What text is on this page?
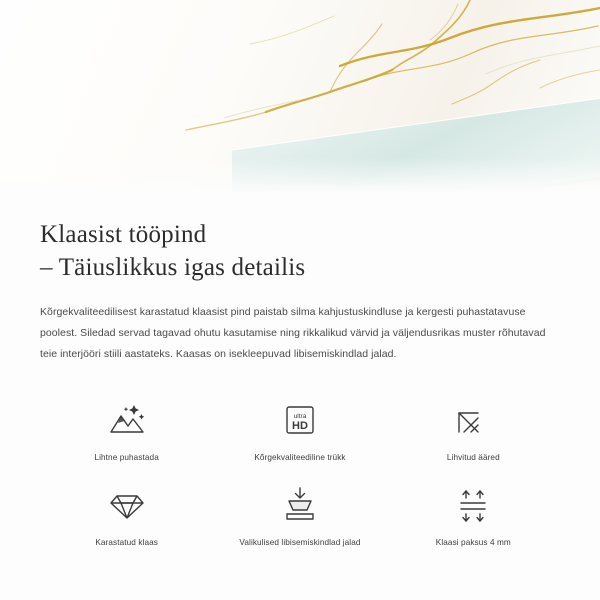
Klaasist tööpind
– Täiuslikkus igas detailis

Kõrgekvaliteedilisest karastatud klaasist pind paistab silma kahjustuskindluse ja kergesti puhastatavuse poolest. Siledad servad tagavad ohutu kasutamise ning rikkalikud värvid ja väljendusrikas muster rõhutavad teie interjööri stiili aastateks. Kaasas on isekleepuvad libisemiskindlad jalad.

Lihtne puhastada
ultra
HD
Kõrgekvaliteediline trükk	Lihvitud ääred
Karastatud klaas	Valikulised libisemiskindlad jalad	Klaasi paksus 4 mm
